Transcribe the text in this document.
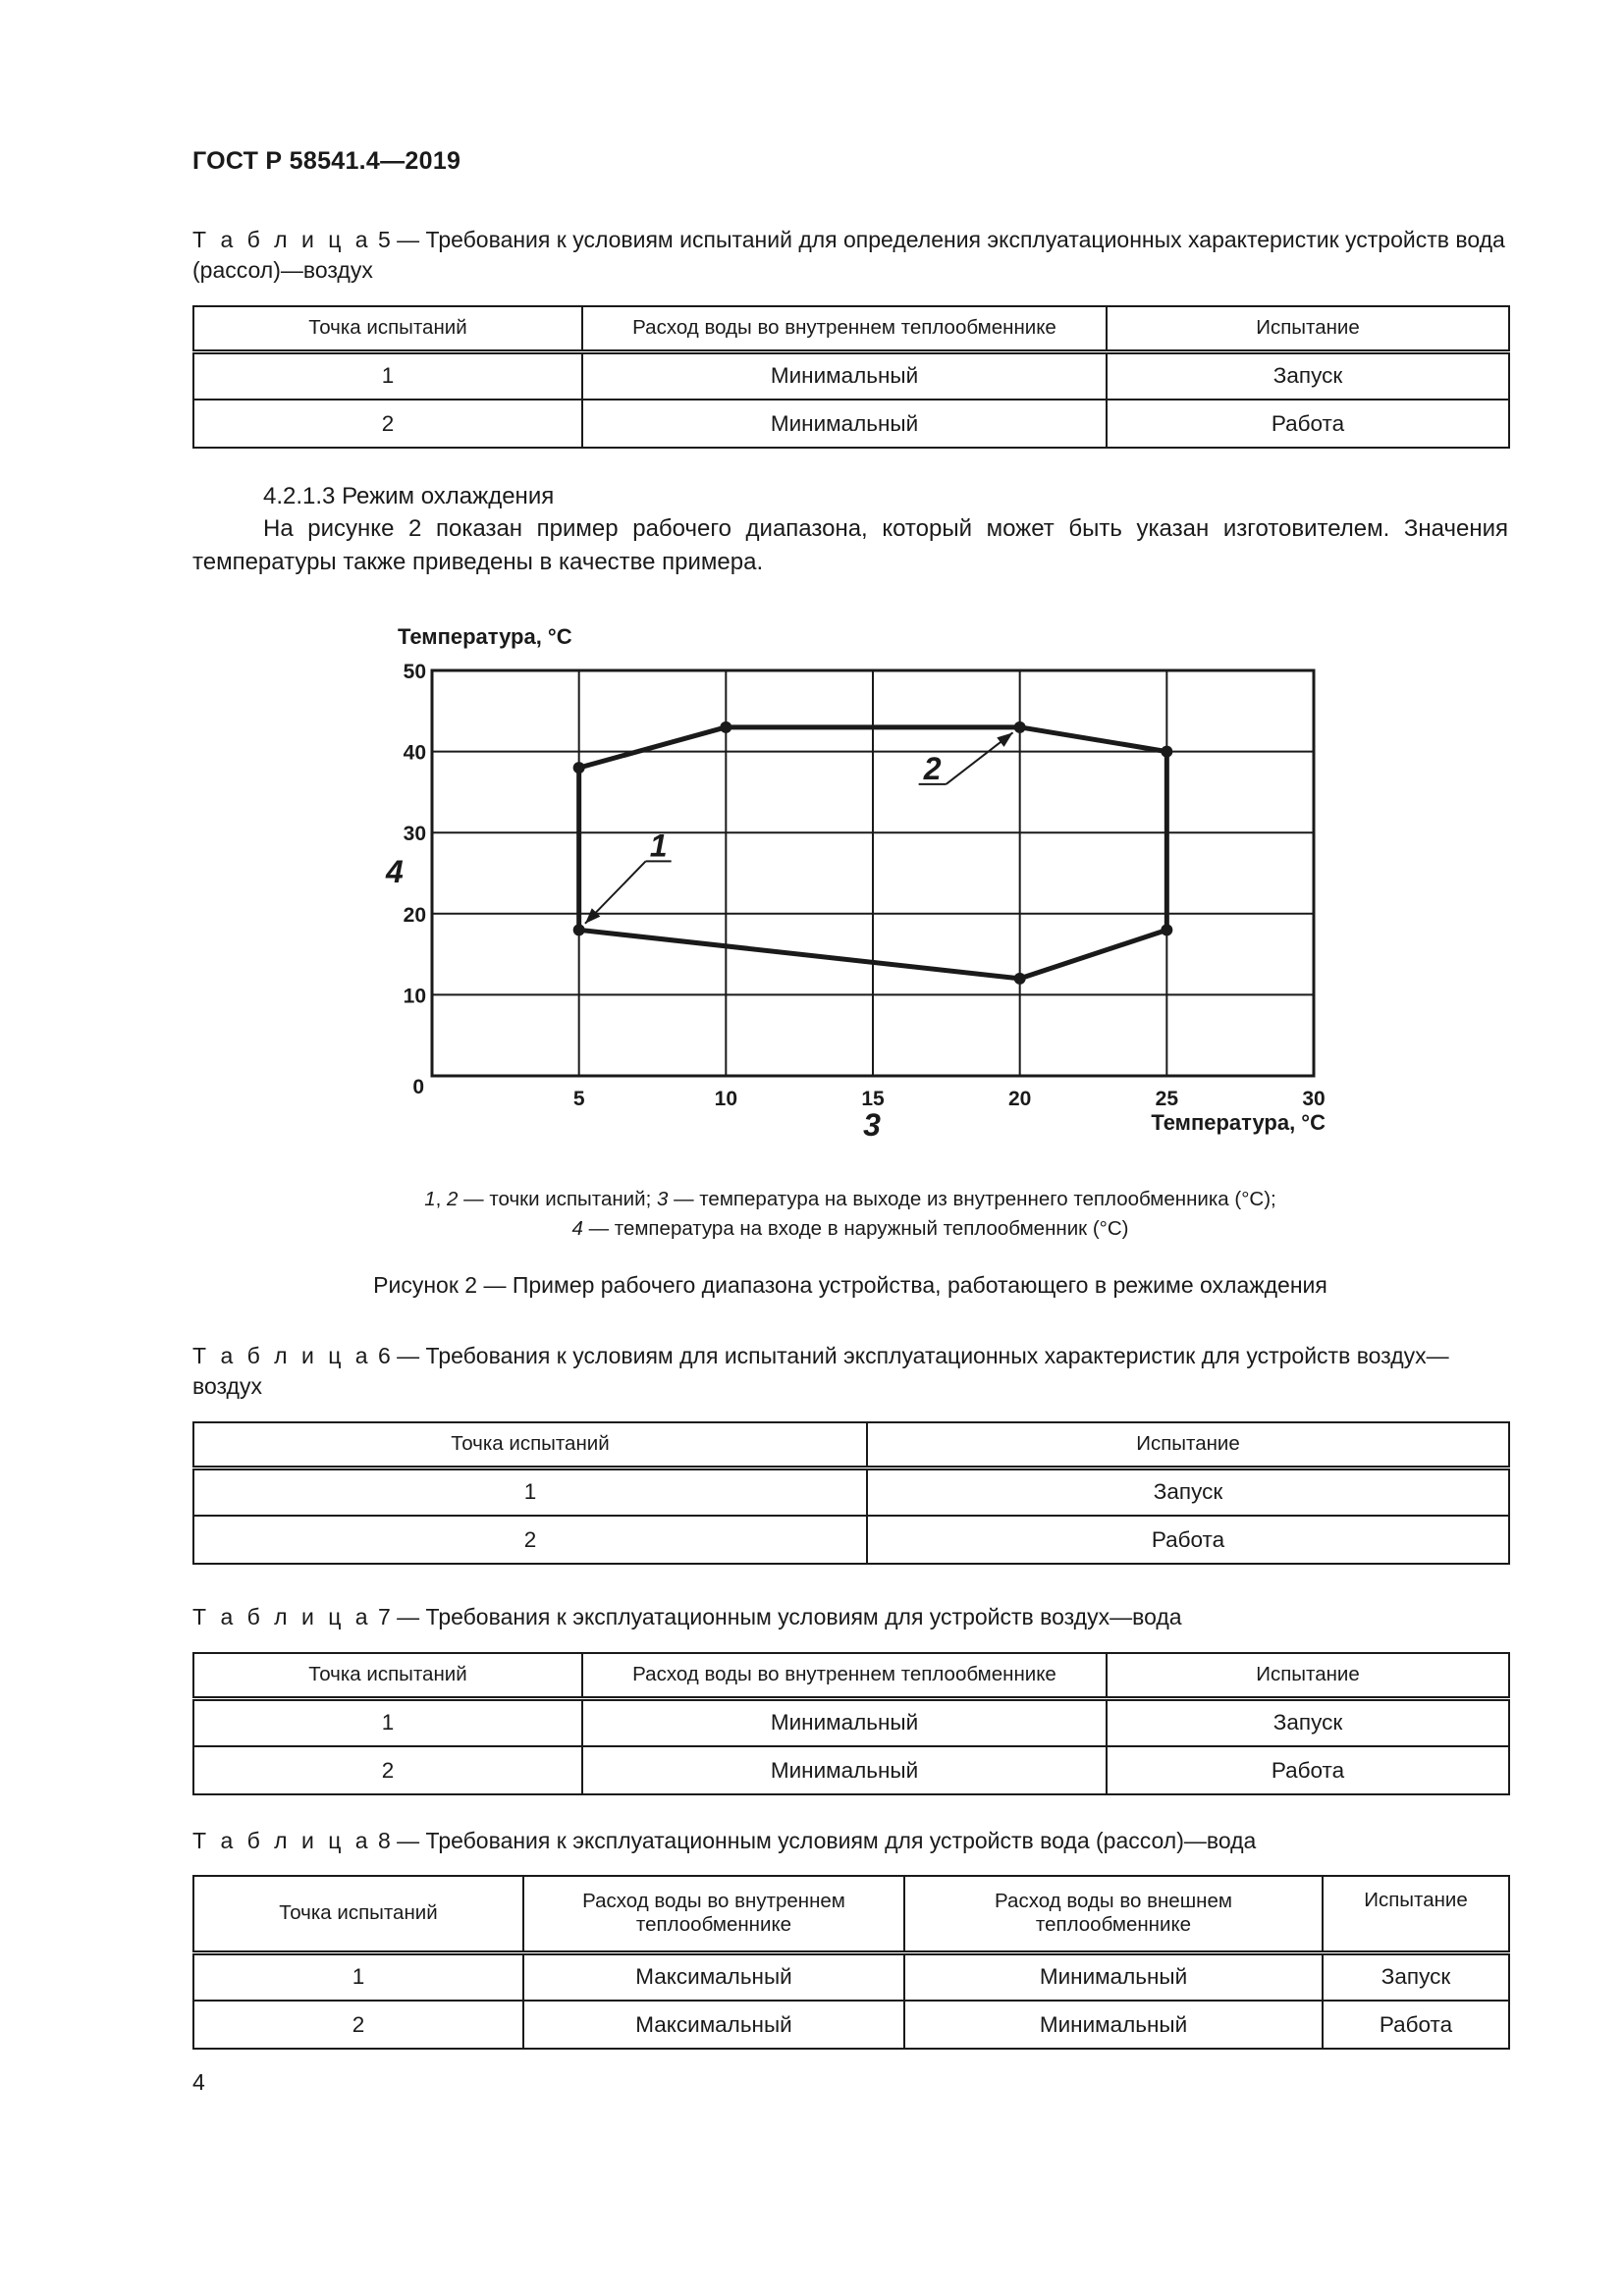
ГОСТ Р 58541.4—2019
Т а б л и ц а 5 — Требования к условиям испытаний для определения эксплуатационных характеристик устройств вода (рассол)—воздух
Точка испытаний	Расход воды во внутреннем теплообменнике	Испытание
1	Минимальный	Запуск
2	Минимальный	Работа
4.2.1.3 Режим охлаждения
На рисунке 2 показан пример рабочего диапазона, который может быть указан изготовителем. Значения температуры также приведены в качестве примера.
5	10	15	20	25	30
10
20
30
40
50
0
1
2
Температура, °C
Температура, °C
3
4
1, 2 — точки испытаний; 3 — температура на выходе из внутреннего теплообменника (°C);
4 — температура на входе в наружный теплообменник (°C)
Рисунок 2 — Пример рабочего диапазона устройства, работающего в режиме охлаждения
Т а б л и ц а 6 — Требования к условиям для испытаний эксплуатационных характеристик для устройств воздух—воздух
Точка испытаний	Испытание
1	Запуск
2	Работа
Т а б л и ц а 7 — Требования к эксплуатационным условиям для устройств воздух—вода
Точка испытаний	Расход воды во внутреннем теплообменнике	Испытание
1	Минимальный	Запуск
2	Минимальный	Работа
Т а б л и ц а 8 — Требования к эксплуатационным условиям для устройств вода (рассол)—вода
Точка испытаний	Расход воды во внутреннем теплообменнике	Расход воды во внешнем теплообменнике	Испытание
1	Максимальный	Минимальный	Запуск
2	Максимальный	Минимальный	Работа
4
